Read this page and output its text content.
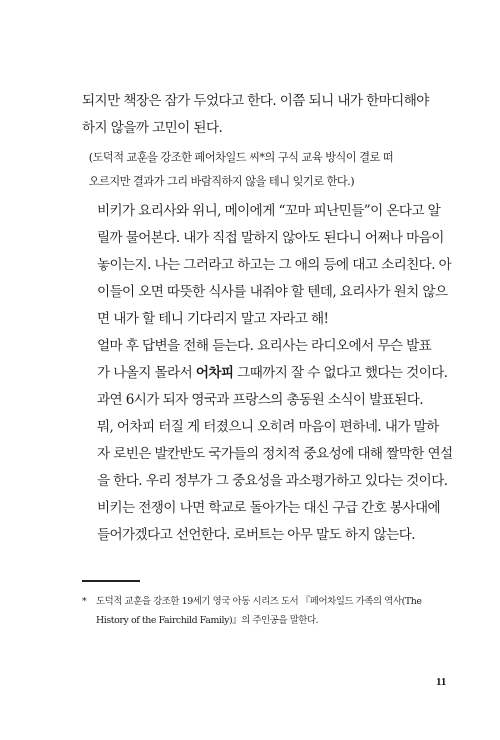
되지만 책장은 잠가 두었다고 한다. 이쯤 되니 내가 한마디해야
하지 않을까 고민이 된다.

(도덕적 교훈을 강조한 페어차일드 씨*의 구식 교육 방식이 결로 떠
오르지만 결과가 그리 바람직하지 않을 테니 잊기로 한다.)

비키가 요리사와 위니, 메이에게 “꼬마 피난민들”이 온다고 알
릴까 물어본다. 내가 직접 말하지 않아도 된다니 어쩌나 마음이
놓이는지. 나는 그러라고 하고는 그 애의 등에 대고 소리친다. 아
이들이 오면 따뜻한 식사를 내줘야 할 텐데, 요리사가 원치 않으
면 내가 할 테니 기다리지 말고 자라고 해!

얼마 후 답변을 전해 듣는다. 요리사는 라디오에서 무슨 발표
가 나올지 몰라서 어차피 그때까지 잘 수 없다고 했다는 것이다.

과연 6시가 되자 영국과 프랑스의 총동원 소식이 발표된다.

뭐, 어차피 터질 게 터졌으니 오히려 마음이 편하네. 내가 말하
자 로빈은 발칸반도 국가들의 정치적 중요성에 대해 짤막한 연설
을 한다. 우리 정부가 그 중요성을 과소평가하고 있다는 것이다.
비키는 전쟁이 나면 학교로 돌아가는 대신 구급 간호 봉사대에
들어가겠다고 선언한다. 로버트는 아무 말도 하지 않는다.

* 도덕적 교훈을 강조한 19세기 영국 아동 시리즈 도서 『페어차일드 가족의 역사(The
History of the Fairchild Family)』의 주인공을 말한다.
11
